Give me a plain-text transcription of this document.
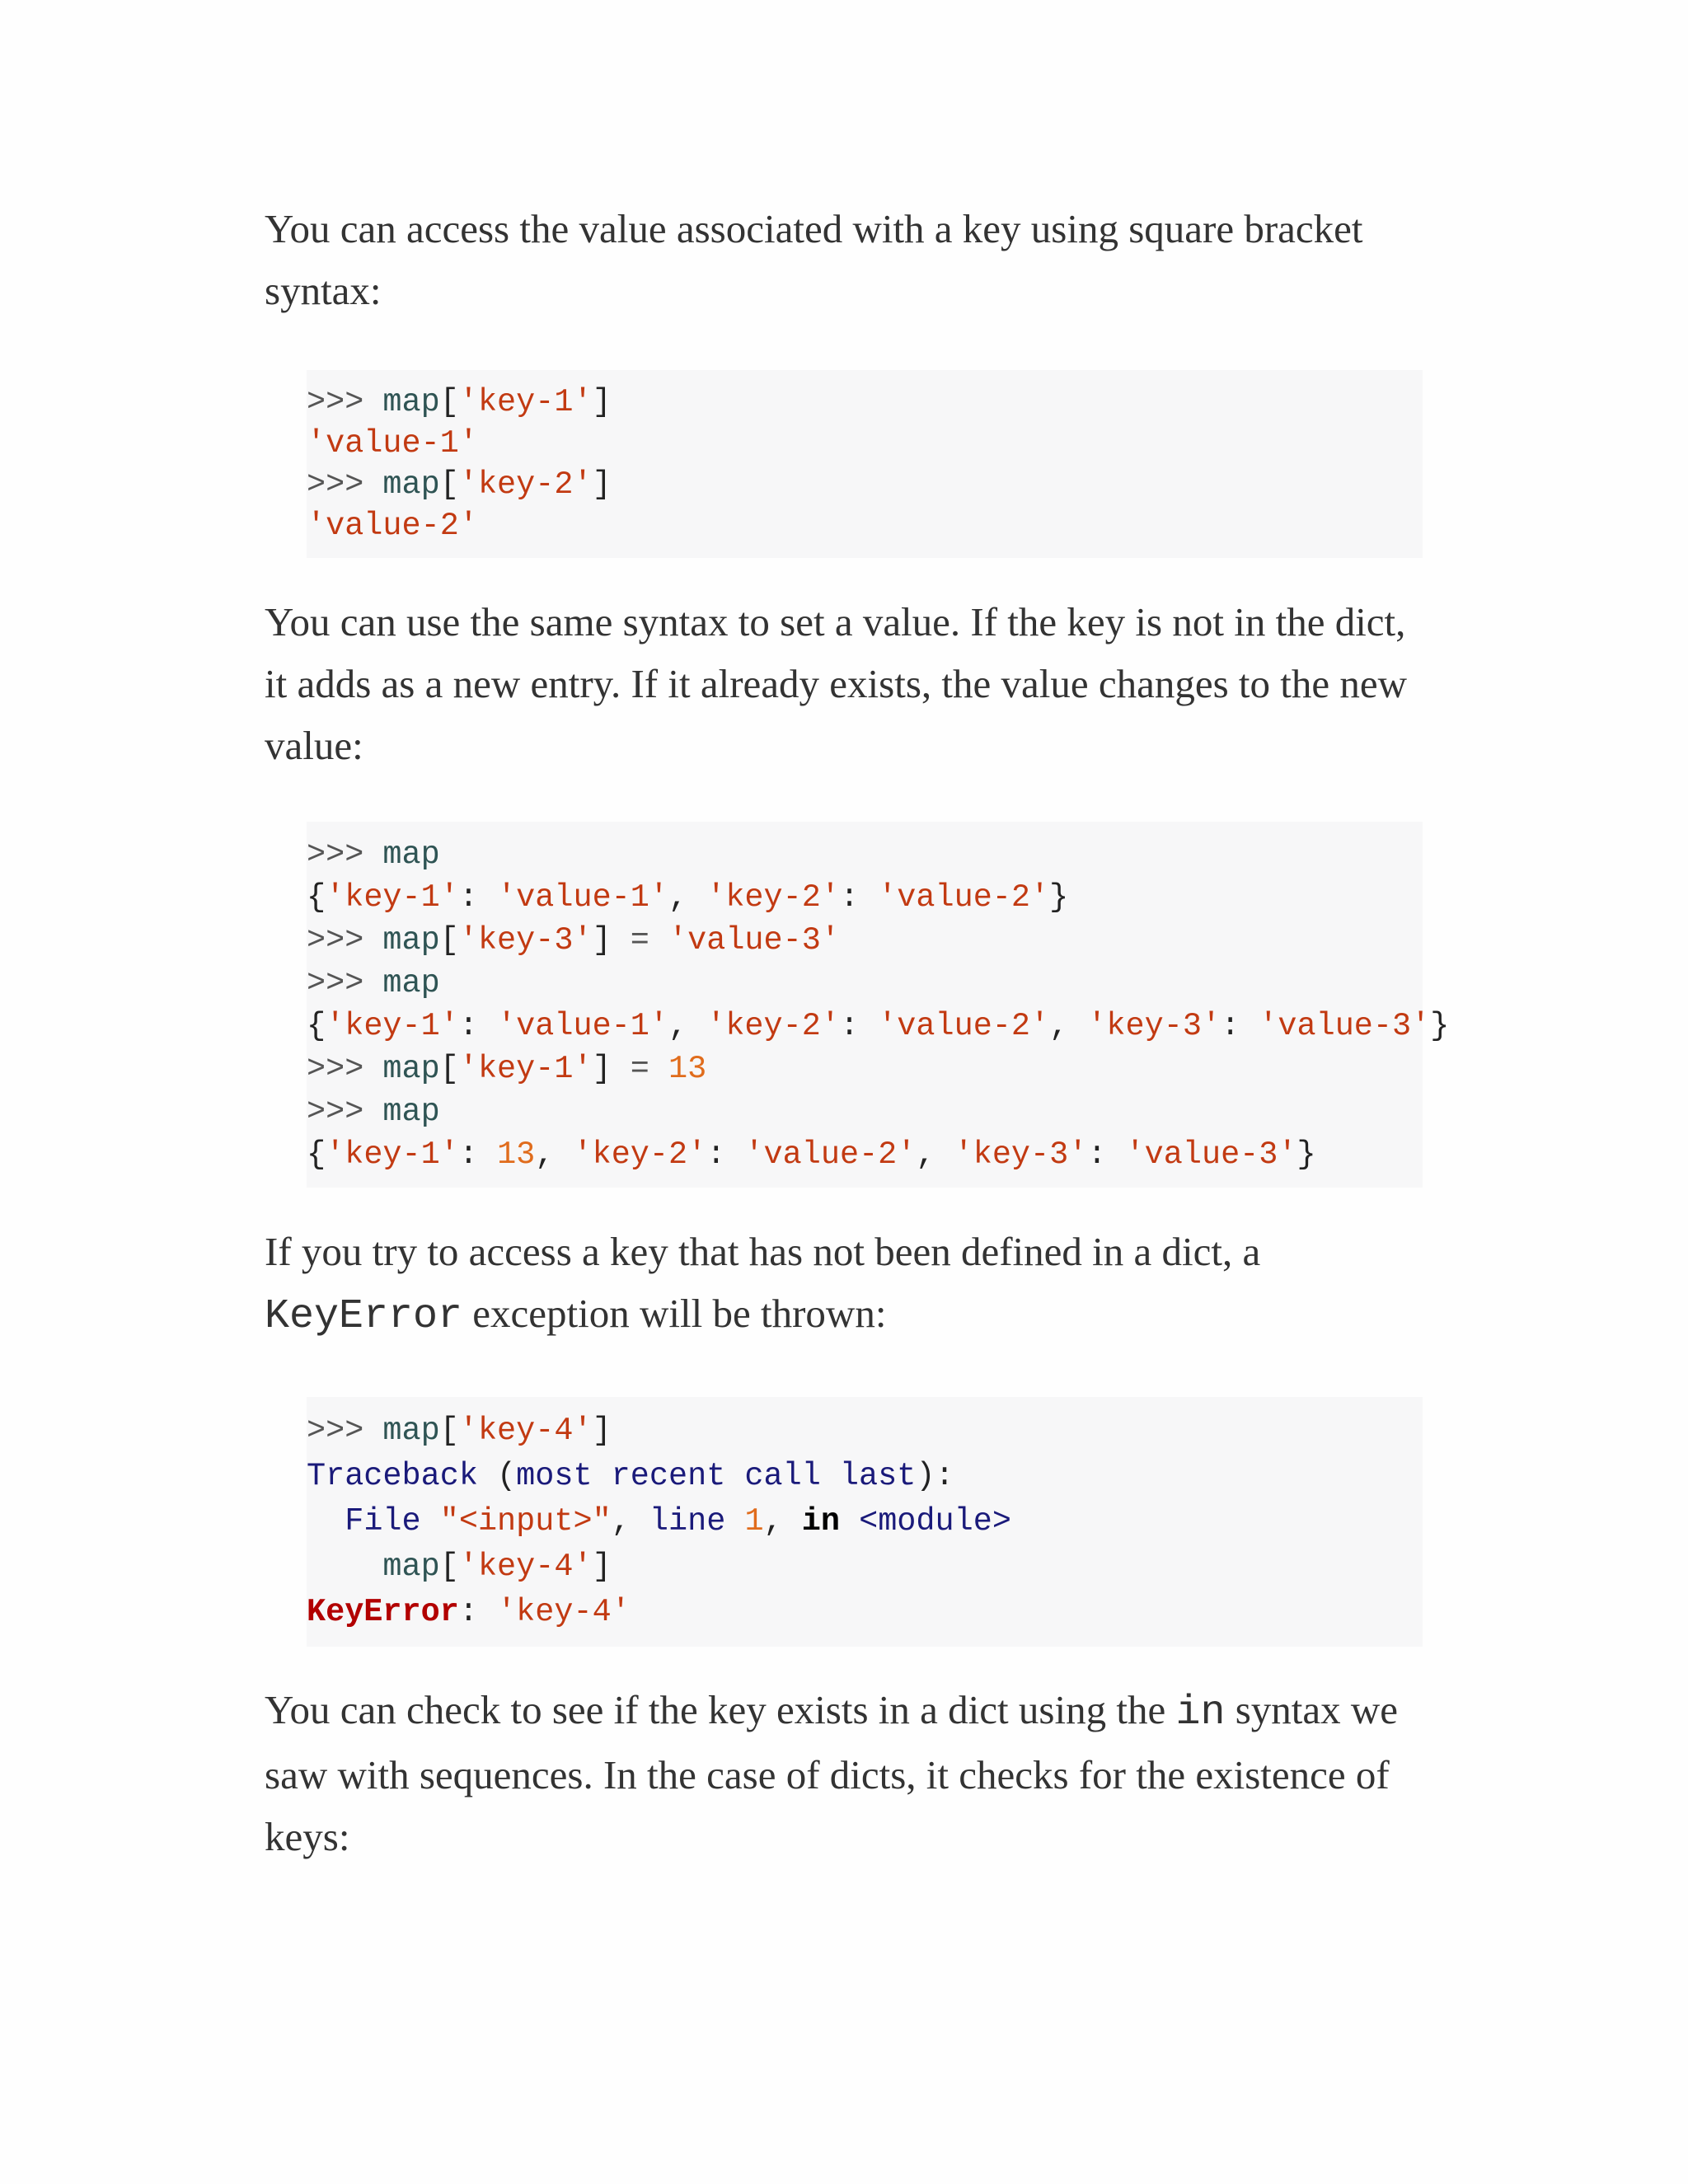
You can access the value associated with a key using square bracket syntax:

>>> map['key-1']
'value-1'
>>> map['key-2']
'value-2'

You can use the same syntax to set a value. If the key is not in the dict, it adds as a new entry. If it already exists, the value changes to the new value:

>>> map
{'key-1': 'value-1', 'key-2': 'value-2'}
>>> map['key-3'] = 'value-3'
>>> map
{'key-1': 'value-1', 'key-2': 'value-2', 'key-3': 'value-3'}
>>> map['key-1'] = 13
>>> map
{'key-1': 13, 'key-2': 'value-2', 'key-3': 'value-3'}

If you try to access a key that has not been defined in a dict, a
KeyError exception will be thrown:

>>> map['key-4']
Traceback (most recent call last):
File "<input>", line 1, in <module>
map['key-4']
KeyError: 'key-4'

You can check to see if the key exists in a dict using the in syntax we saw with sequences. In the case of dicts, it checks for the existence of keys:
